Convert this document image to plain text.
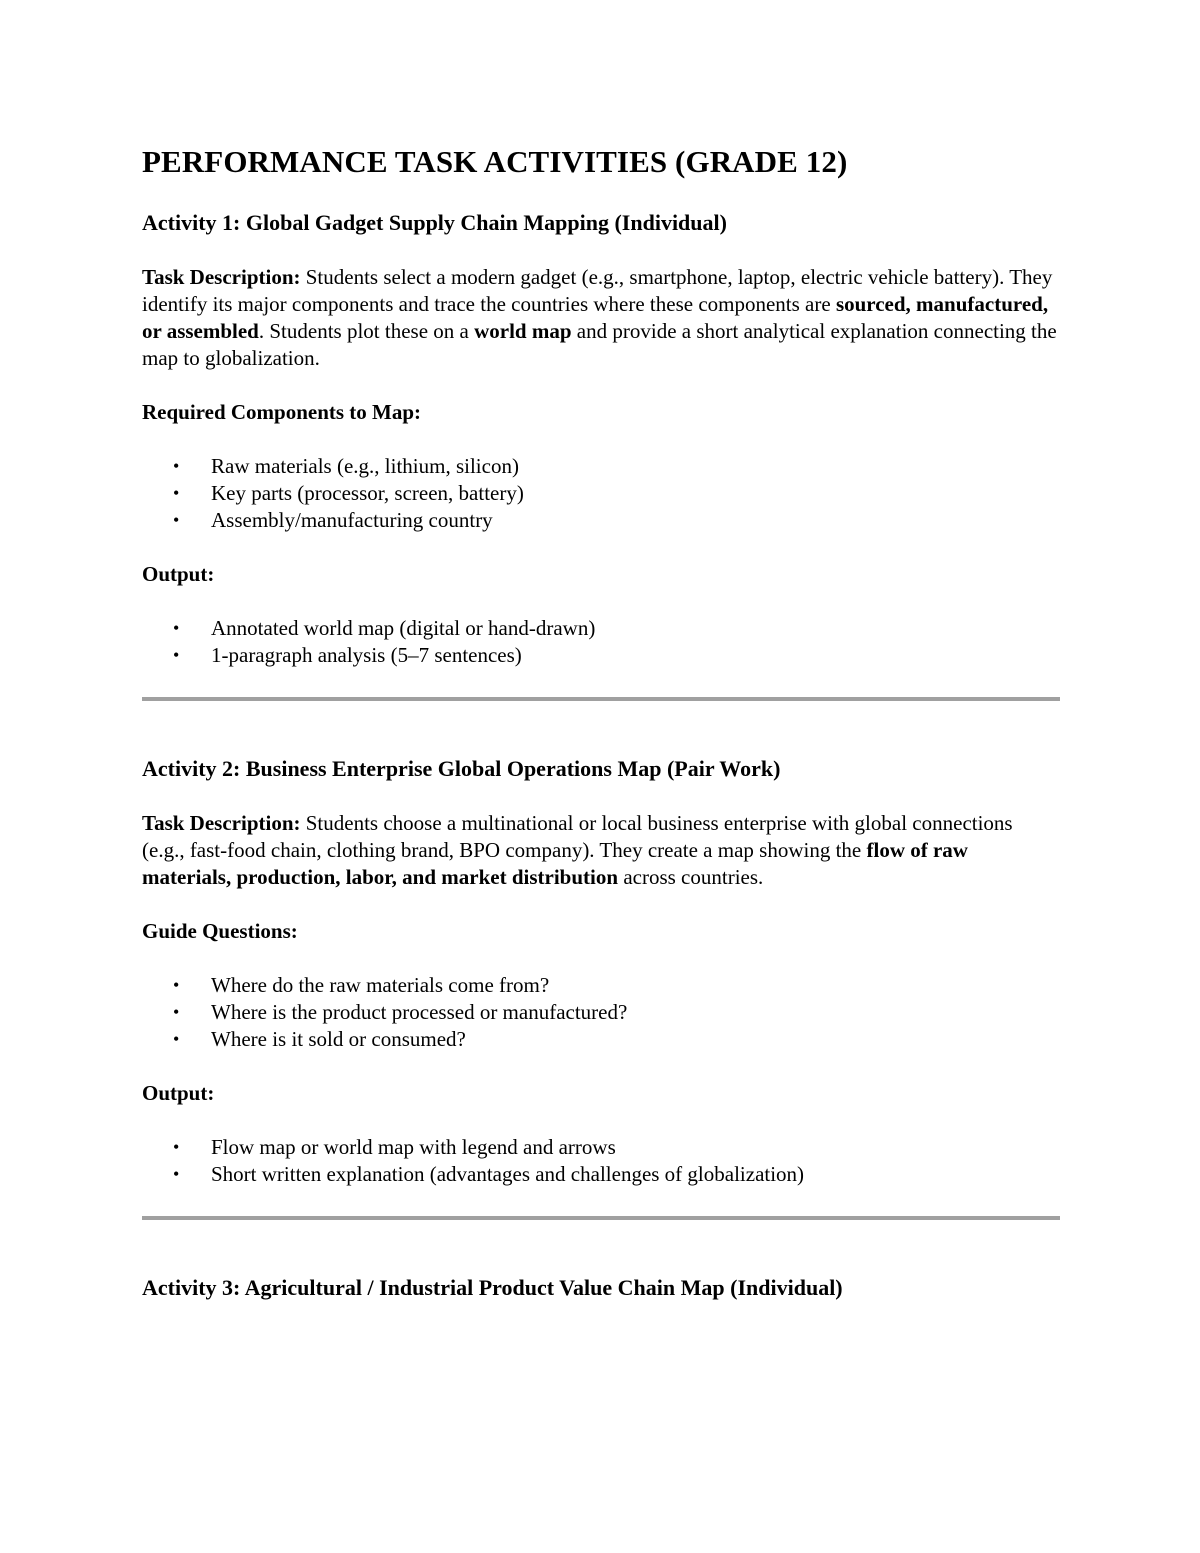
PERFORMANCE TASK ACTIVITIES (GRADE 12)
Activity 1: Global Gadget Supply Chain Mapping (Individual)

Task Description: Students select a modern gadget (e.g., smartphone, laptop, electric vehicle battery). They identify its major components and trace the countries where these components are sourced, manufactured, or assembled. Students plot these on a world map and provide a short analytical explanation connecting the map to globalization.

Required Components to Map:

• Raw materials (e.g., lithium, silicon)
• Key parts (processor, screen, battery)
• Assembly/manufacturing country

Output:

• Annotated world map (digital or hand-drawn)
• 1-paragraph analysis (5–7 sentences)
Activity 2: Business Enterprise Global Operations Map (Pair Work)

Task Description: Students choose a multinational or local business enterprise with global connections (e.g., fast-food chain, clothing brand, BPO company). They create a map showing the flow of raw materials, production, labor, and market distribution across countries.

Guide Questions:

• Where do the raw materials come from?
• Where is the product processed or manufactured?
• Where is it sold or consumed?

Output:

• Flow map or world map with legend and arrows
• Short written explanation (advantages and challenges of globalization)
Activity 3: Agricultural / Industrial Product Value Chain Map (Individual)
